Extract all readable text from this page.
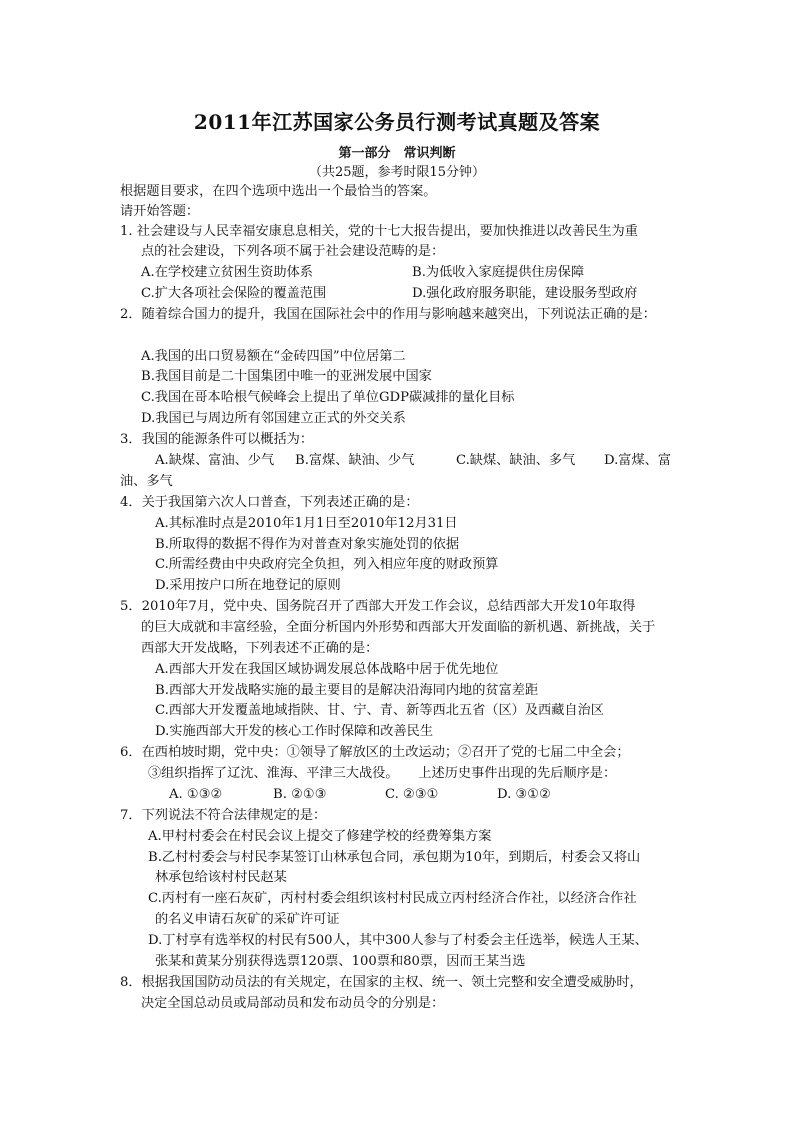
2011年江苏国家公务员行测考试真题及答案
第一部分　常识判断
（共25题，参考时限15分钟）
根据题目要求，在四个选项中选出一个最恰当的答案。
请开始答题：
1. 社会建设与人民幸福安康息息相关，党的十七大报告提出，要加快推进以改善民生为重
点的社会建设，下列各项不属于社会建设范畴的是：
A.在学校建立贫困生资助体系	B.为低收入家庭提供住房保障
C.扩大各项社会保险的覆盖范围	D.强化政府服务职能，建设服务型政府
2．随着综合国力的提升，我国在国际社会中的作用与影响越来越突出，下列说法正确的是：
A.我国的出口贸易额在“金砖四国”中位居第二
B.我国目前是二十国集团中唯一的亚洲发展中国家
C.我国在哥本哈根气候峰会上提出了单位GDP碳减排的量化目标
D.我国已与周边所有邻国建立正式的外交关系
3．我国的能源条件可以概括为：
A.缺煤、富油、少气 B.富煤、缺油、少气	C.缺煤、缺油、多气 D.富煤、富
油、多气
4．关于我国第六次人口普查，下列表述正确的是：
A.其标准时点是2010年1月1日至2010年12月31日
B.所取得的数据不得作为对普查对象实施处罚的依据
C.所需经费由中央政府完全负担，列入相应年度的财政预算
D.采用按户口所在地登记的原则
5．2010年7月，党中央、国务院召开了西部大开发工作会议，总结西部大开发10年取得
的巨大成就和丰富经验，全面分析国内外形势和西部大开发面临的新机遇、新挑战，关于
西部大开发战略，下列表述不正确的是：
A.西部大开发在我国区域协调发展总体战略中居于优先地位
B.西部大开发战略实施的最主要目的是解决沿海同内地的贫富差距
C.西部大开发覆盖地域指陕、甘、宁、青、新等西北五省（区）及西藏自治区
D.实施西部大开发的核心工作时保障和改善民生
6．在西柏坡时期，党中央：①领导了解放区的土改运动；②召开了党的七届二中全会；
③组织指挥了辽沈、淮海、平津三大战役。　　上述历史事件出现的先后顺序是：
A. ①③②	B. ②①③	C. ②③①	D. ③①②
7．下列说法不符合法律规定的是：
A.甲村村委会在村民会议上提交了修建学校的经费筹集方案
B.乙村村委会与村民李某签订山林承包合同，承包期为10年，到期后，村委会又将山
林承包给该村村民赵某
C.丙村有一座石灰矿，丙村村委会组织该村村民成立丙村经济合作社，以经济合作社
的名义申请石灰矿的采矿许可证
D.丁村享有选举权的村民有500人，其中300人参与了村委会主任选举，候选人王某、
张某和黄某分别获得选票120票、100票和80票，因而王某当选
8．根据我国国防动员法的有关规定，在国家的主权、统一、领土完整和安全遭受威胁时，
决定全国总动员或局部动员和发布动员令的分别是：
